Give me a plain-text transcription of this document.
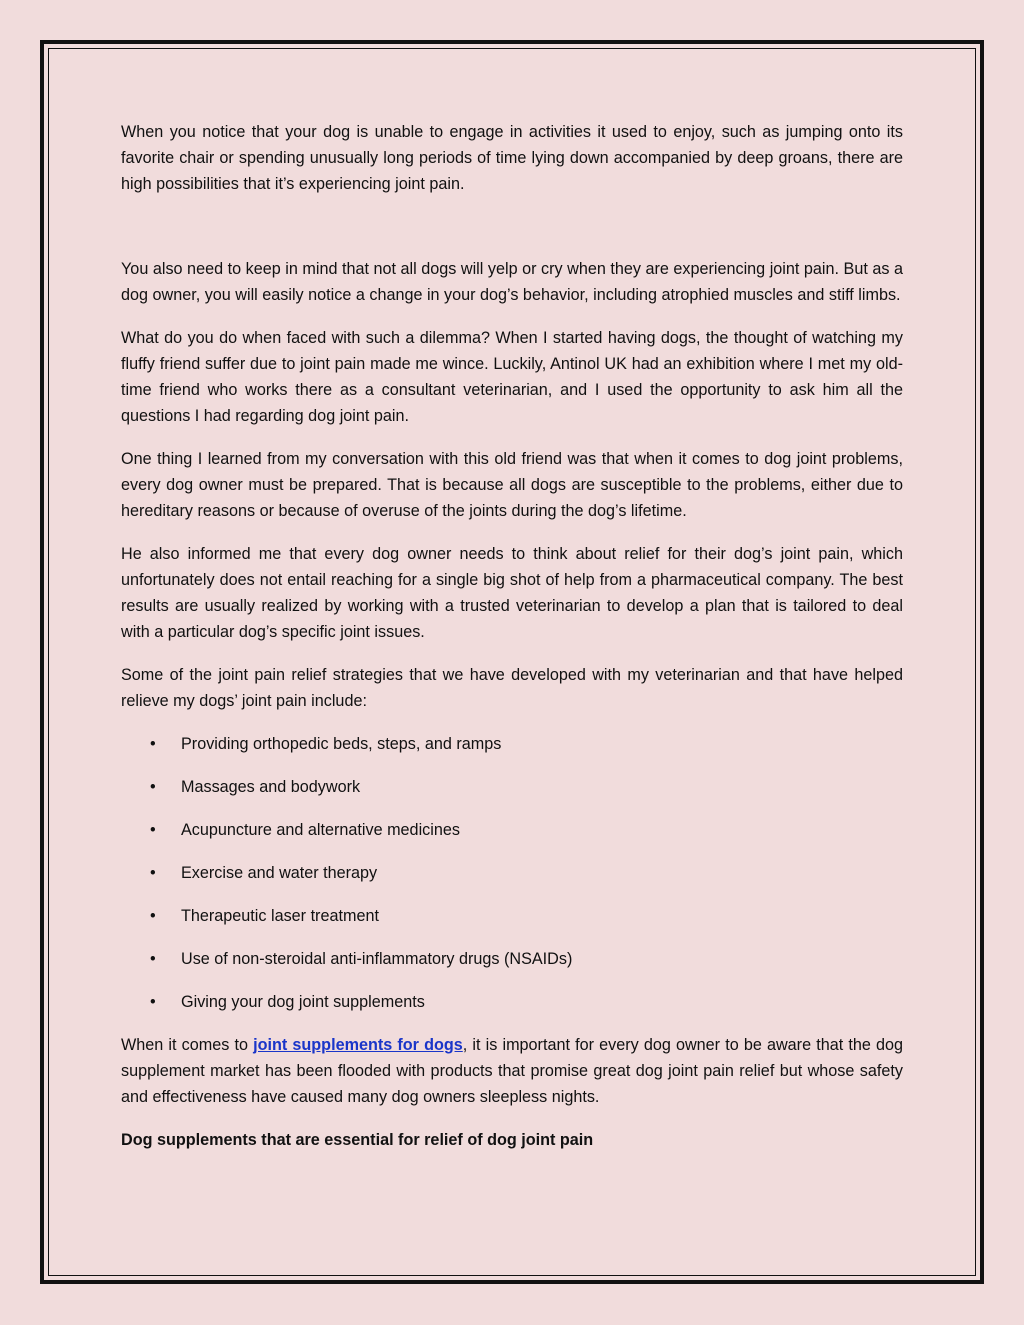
When you notice that your dog is unable to engage in activities it used to enjoy, such as jumping onto its favorite chair or spending unusually long periods of time lying down accompanied by deep groans, there are high possibilities that it’s experiencing joint pain.

You also need to keep in mind that not all dogs will yelp or cry when they are experiencing joint pain. But as a dog owner, you will easily notice a change in your dog’s behavior, including atrophied muscles and stiff limbs.

What do you do when faced with such a dilemma? When I started having dogs, the thought of watching my fluffy friend suffer due to joint pain made me wince. Luckily, Antinol UK had an exhibition where I met my old-time friend who works there as a consultant veterinarian, and I used the opportunity to ask him all the questions I had regarding dog joint pain.

One thing I learned from my conversation with this old friend was that when it comes to dog joint problems, every dog owner must be prepared. That is because all dogs are susceptible to the problems, either due to hereditary reasons or because of overuse of the joints during the dog’s lifetime.

He also informed me that every dog owner needs to think about relief for their dog’s joint pain, which unfortunately does not entail reaching for a single big shot of help from a pharmaceutical company. The best results are usually realized by working with a trusted veterinarian to develop a plan that is tailored to deal with a particular dog’s specific joint issues.

Some of the joint pain relief strategies that we have developed with my veterinarian and that have helped relieve my dogs’ joint pain include:

• Providing orthopedic beds, steps, and ramps
• Massages and bodywork
• Acupuncture and alternative medicines
• Exercise and water therapy
• Therapeutic laser treatment
• Use of non-steroidal anti-inflammatory drugs (NSAIDs)
• Giving your dog joint supplements

When it comes to joint supplements for dogs, it is important for every dog owner to be aware that the dog supplement market has been flooded with products that promise great dog joint pain relief but whose safety and effectiveness have caused many dog owners sleepless nights.

Dog supplements that are essential for relief of dog joint pain
